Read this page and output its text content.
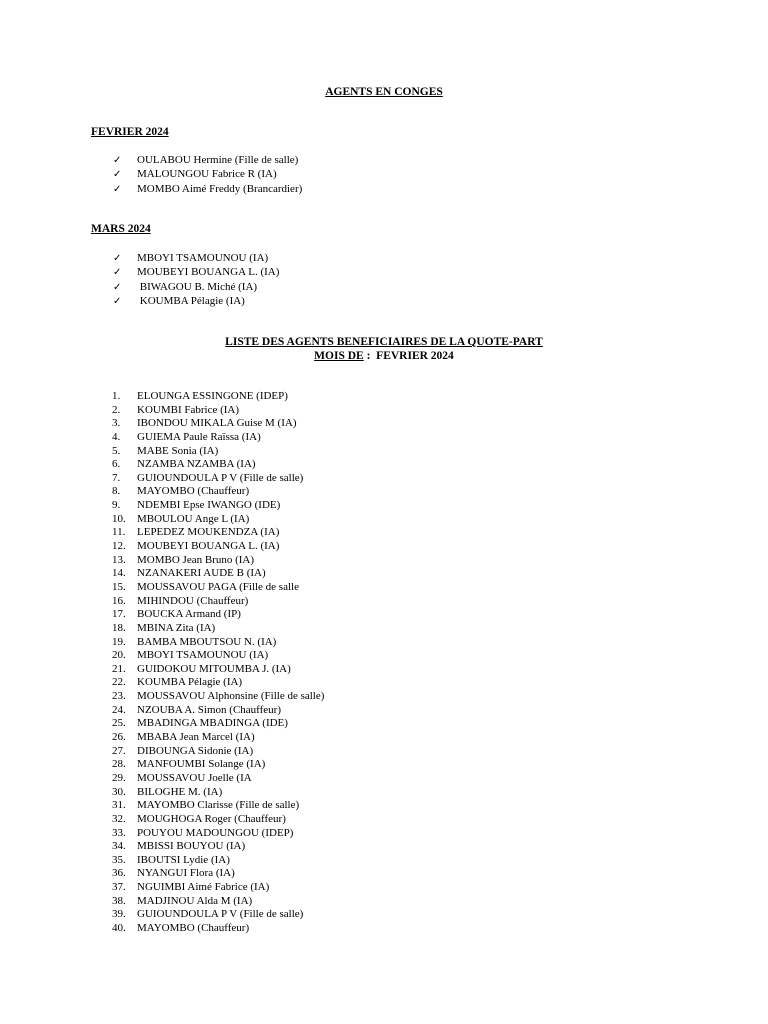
AGENTS EN CONGES
FEVRIER 2024
✓ OULABOU Hermine (Fille de salle)
✓ MALOUNGOU Fabrice R (IA)
✓ MOMBO Aimé Freddy (Brancardier)
MARS 2024
✓ MBOYI TSAMOUNOU (IA)
✓ MOUBEYI BOUANGA L. (IA)
✓ BIWAGOU B. Miché (IA)
✓ KOUMBA Pélagie (IA)
LISTE DES AGENTS BENEFICIAIRES DE LA QUOTE-PART
MOIS DE :  FEVRIER 2024
1. ELOUNGA ESSINGONE (IDEP)
2. KOUMBI Fabrice (IA)
3. IBONDOU MIKALA Guise M (IA)
4. GUIEMA Paule Raïssa (IA)
5. MABE Sonia (IA)
6. NZAMBA NZAMBA (IA)
7. GUIOUNDOULA P V (Fille de salle)
8. MAYOMBO (Chauffeur)
9. NDEMBI Epse IWANGO (IDE)
10. MBOULOU Ange L (IA)
11. LEPEDEZ MOUKENDZA (IA)
12. MOUBEYI BOUANGA L. (IA)
13. MOMBO Jean Bruno (IA)
14. NZANAKERI AUDE B (IA)
15. MOUSSAVOU PAGA (Fille de salle
16. MIHINDOU (Chauffeur)
17. BOUCKA Armand (IP)
18. MBINA Zita (IA)
19. BAMBA MBOUTSOU N. (IA)
20. MBOYI TSAMOUNOU (IA)
21. GUIDOKOU MITOUMBA J. (IA)
22. KOUMBA Pélagie (IA)
23. MOUSSAVOU Alphonsine (Fille de salle)
24. NZOUBA A. Simon (Chauffeur)
25. MBADINGA MBADINGA (IDE)
26. MBABA Jean Marcel (IA)
27. DIBOUNGA Sidonie (IA)
28. MANFOUMBI Solange (IA)
29. MOUSSAVOU Joelle (IA
30. BILOGHE M. (IA)
31. MAYOMBO Clarisse (Fille de salle)
32. MOUGHOGA Roger (Chauffeur)
33. POUYOU MADOUNGOU (IDEP)
34. MBISSI BOUYOU (IA)
35. IBOUTSI Lydie (IA)
36. NYANGUI Flora (IA)
37. NGUIMBI Aimé Fabrice (IA)
38. MADJINOU Alda M (IA)
39. GUIOUNDOULA P V (Fille de salle)
40. MAYOMBO (Chauffeur)
